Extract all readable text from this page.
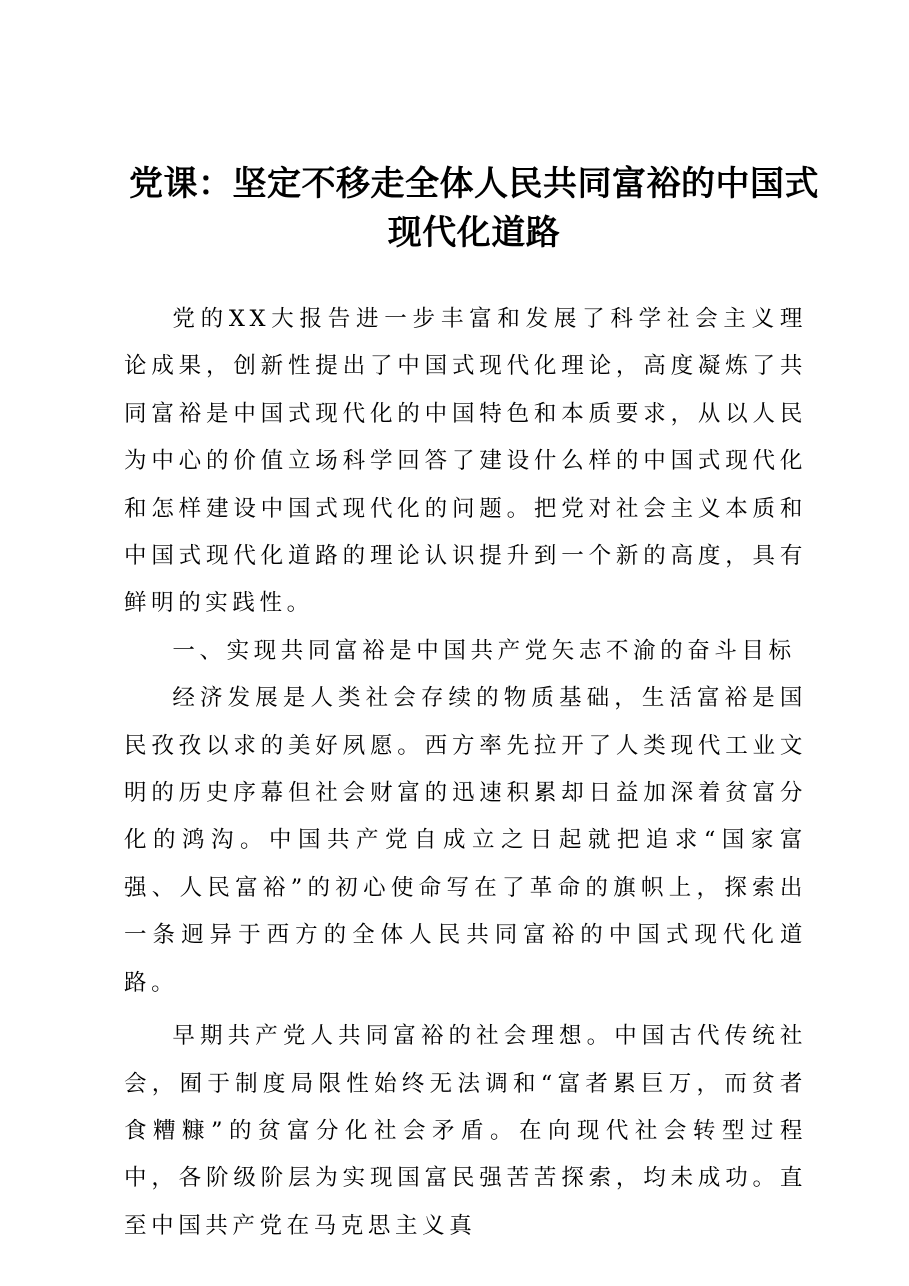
党课：坚定不移走全体人民共同富裕的中国式现代化道路

党的XX大报告进一步丰富和发展了科学社会主义理论成果，创新性提出了中国式现代化理论，高度凝炼了共同富裕是中国式现代化的中国特色和本质要求，从以人民为中心的价值立场科学回答了建设什么样的中国式现代化和怎样建设中国式现代化的问题。把党对社会主义本质和中国式现代化道路的理论认识提升到一个新的高度，具有鲜明的实践性。

一、实现共同富裕是中国共产党矢志不渝的奋斗目标

经济发展是人类社会存续的物质基础，生活富裕是国民孜孜以求的美好夙愿。西方率先拉开了人类现代工业文明的历史序幕但社会财富的迅速积累却日益加深着贫富分化的鸿沟。中国共产党自成立之日起就把追求“国家富强、人民富裕”的初心使命写在了革命的旗帜上，探索出一条迥异于西方的全体人民共同富裕的中国式现代化道路。

早期共产党人共同富裕的社会理想。中国古代传统社会，囿于制度局限性始终无法调和“富者累巨万，而贫者食糟糠”的贫富分化社会矛盾。在向现代社会转型过程中，各阶级阶层为实现国富民强苦苦探索，均未成功。直至中国共产党在马克思主义真
